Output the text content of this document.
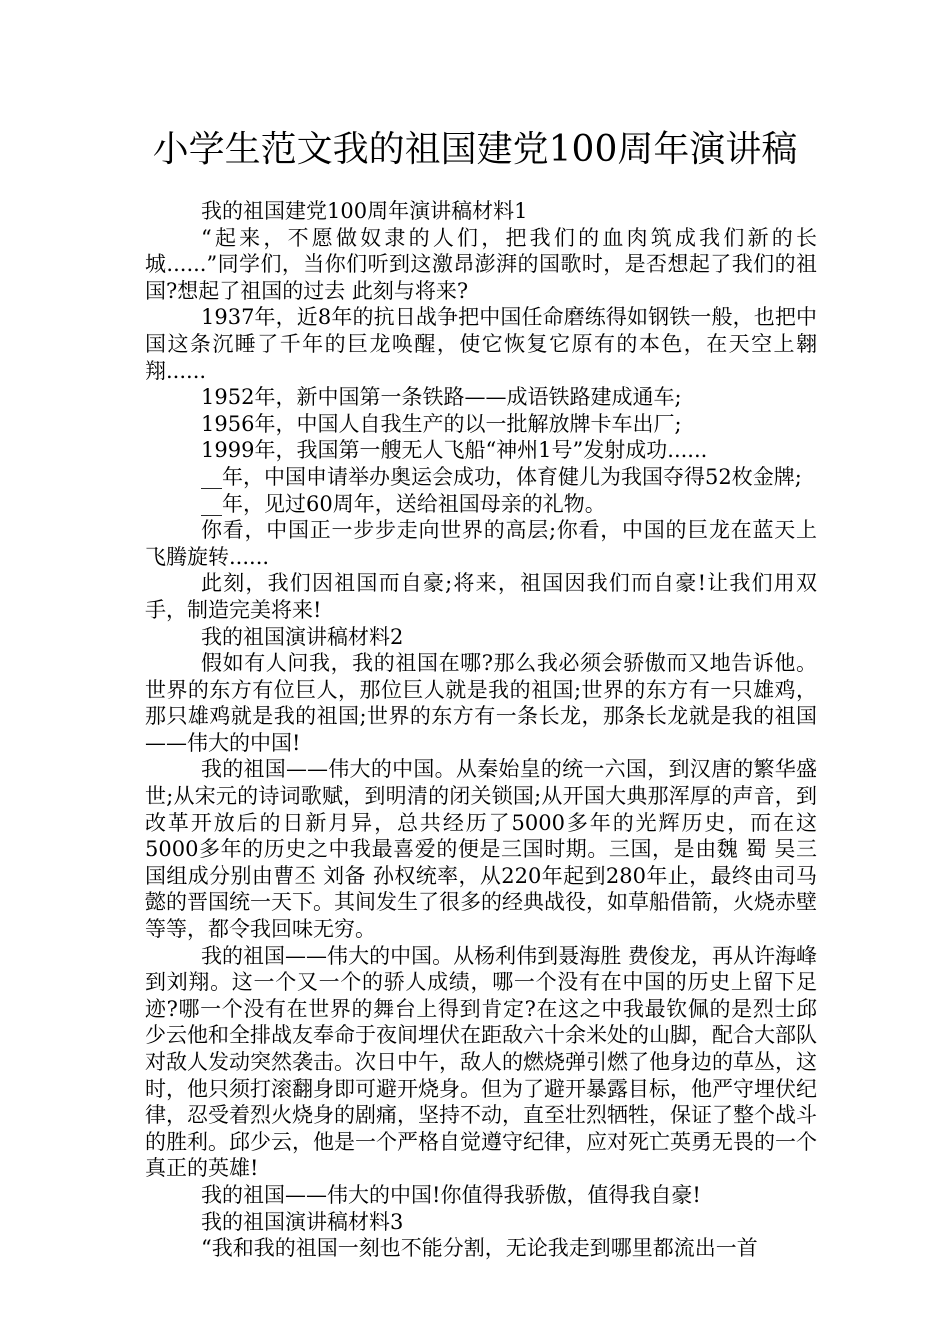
小学生范文我的祖国建党100周年演讲稿

我的祖国建党100周年演讲稿材料1

“起来，不愿做奴隶的人们，把我们的血肉筑成我们新的长城......”同学们，当你们听到这激昂澎湃的国歌时，是否想起了我们的祖国?想起了祖国的过去 此刻与将来?

1937年，近8年的抗日战争把中国任命磨练得如钢铁一般，也把中国这条沉睡了千年的巨龙唤醒，使它恢复它原有的本色，在天空上翱翔......

1952年，新中国第一条铁路——成语铁路建成通车;

1956年，中国人自我生产的以一批解放牌卡车出厂;

1999年，我国第一艘无人飞船“神州1号”发射成功......

__年，中国申请举办奥运会成功，体育健儿为我国夺得52枚金牌;

__年，见过60周年，送给祖国母亲的礼物。

你看，中国正一步步走向世界的高层;你看，中国的巨龙在蓝天上飞腾旋转......

此刻，我们因祖国而自豪;将来，祖国因我们而自豪!让我们用双手，制造完美将来!

我的祖国演讲稿材料2

假如有人问我，我的祖国在哪?那么我必须会骄傲而又地告诉他。世界的东方有位巨人，那位巨人就是我的祖国;世界的东方有一只雄鸡，那只雄鸡就是我的祖国;世界的东方有一条长龙，那条长龙就是我的祖国——伟大的中国!

我的祖国——伟大的中国。从秦始皇的统一六国，到汉唐的繁华盛世;从宋元的诗词歌赋，到明清的闭关锁国;从开国大典那浑厚的声音，到改革开放后的日新月异，总共经历了5000多年的光辉历史，而在这5000多年的历史之中我最喜爱的便是三国时期。三国，是由魏 蜀 吴三国组成分别由曹丕 刘备 孙权统率，从220年起到280年止，最终由司马懿的晋国统一天下。其间发生了很多的经典战役，如草船借箭，火烧赤壁等等，都令我回味无穷。

我的祖国——伟大的中国。从杨利伟到聂海胜 费俊龙，再从许海峰到刘翔。这一个又一个的骄人成绩，哪一个没有在中国的历史上留下足迹?哪一个没有在世界的舞台上得到肯定?在这之中我最钦佩的是烈士邱少云他和全排战友奉命于夜间埋伏在距敌六十余米处的山脚，配合大部队对敌人发动突然袭击。次日中午，敌人的燃烧弹引燃了他身边的草丛，这时，他只须打滚翻身即可避开烧身。但为了避开暴露目标，他严守埋伏纪律，忍受着烈火烧身的剧痛，坚持不动，直至壮烈牺牲，保证了整个战斗的胜利。邱少云，他是一个严格自觉遵守纪律，应对死亡英勇无畏的一个真正的英雄!

我的祖国——伟大的中国!你值得我骄傲，值得我自豪!

我的祖国演讲稿材料3

“我和我的祖国一刻也不能分割，无论我走到哪里都流出一首
